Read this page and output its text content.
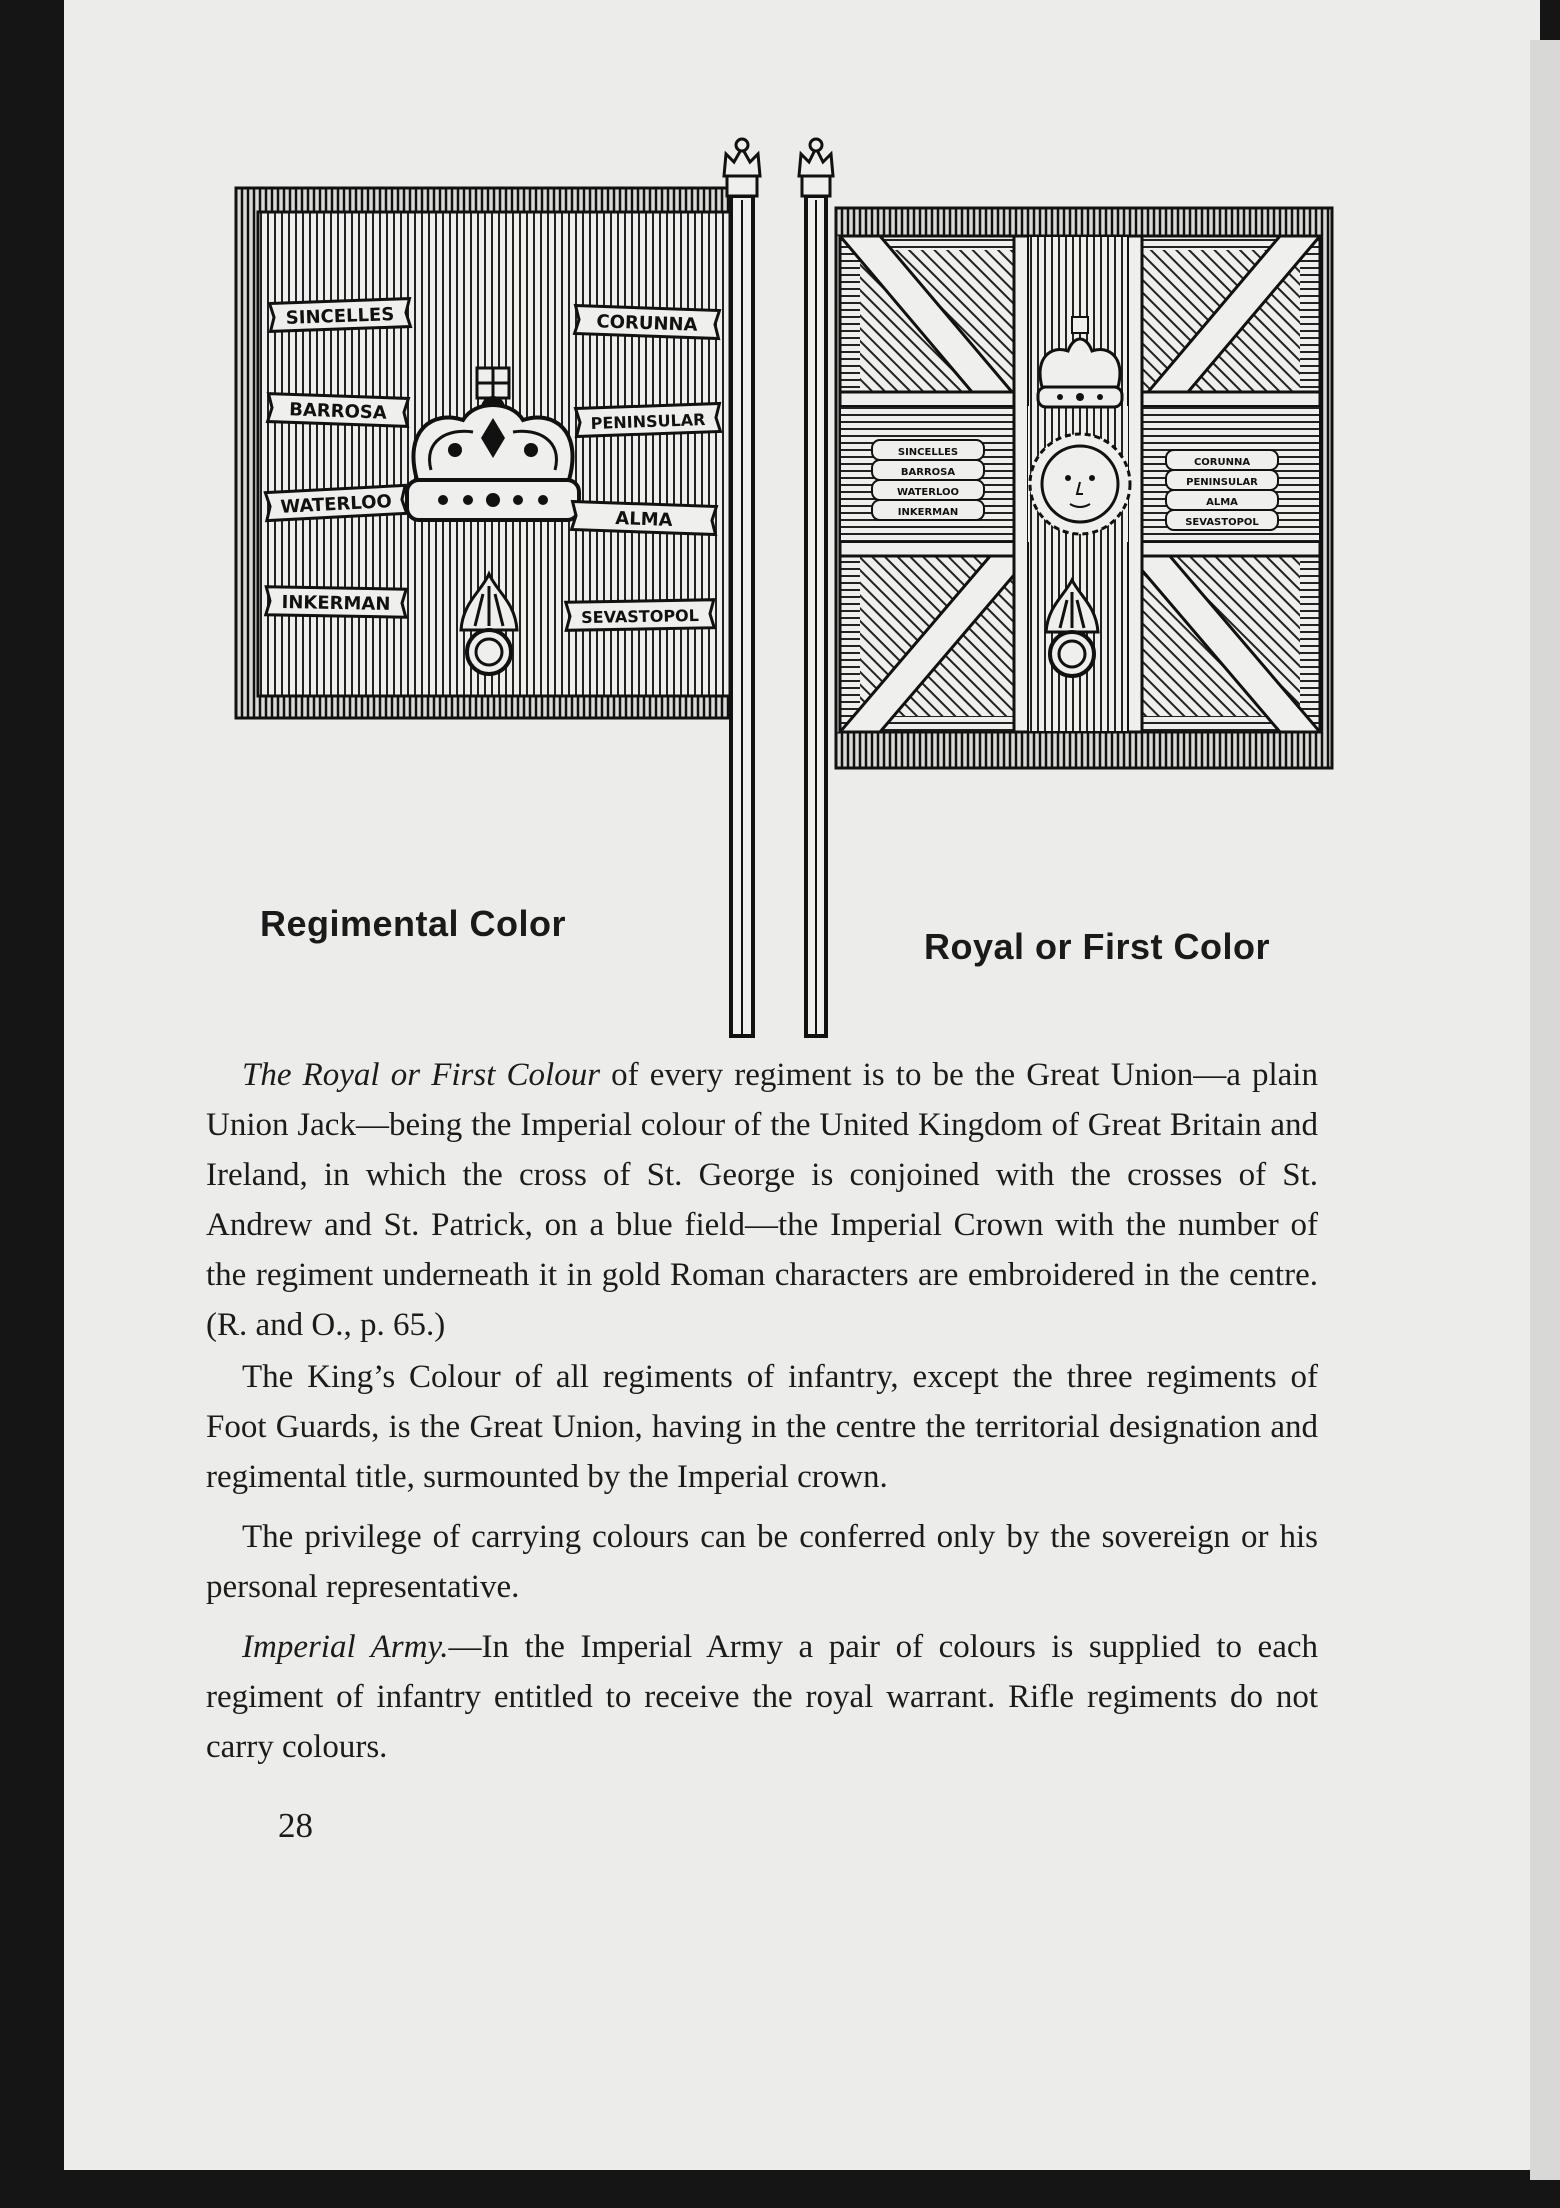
SINCELLES
BARROSA
WATERLOO
INKERMAN
CORUNNA
PENINSULAR
ALMA
SEVASTOPOL
SINCELLES
BARROSA
WATERLOO
INKERMAN
CORUNNA
PENINSULAR
ALMA
SEVASTOPOL
Regimental Color
Royal or First Color

The Royal or First Colour of every regiment is to be the Great Union—a plain Union Jack—being the Imperial colour of the United Kingdom of Great Britain and Ireland, in which the cross of St. George is conjoined with the crosses of St. Andrew and St. Patrick, on a blue field—the Imperial Crown with the number of the regiment underneath it in gold Roman characters are embroidered in the centre. (R. and O., p. 65.)

The King’s Colour of all regiments of infantry, except the three regiments of Foot Guards, is the Great Union, having in the centre the territorial designation and regimental title, surmounted by the Imperial crown.

The privilege of carrying colours can be conferred only by the sovereign or his personal representative.

Imperial Army.—In the Imperial Army a pair of colours is supplied to each regiment of infantry entitled to receive the royal warrant. Rifle regiments do not carry colours.

28
